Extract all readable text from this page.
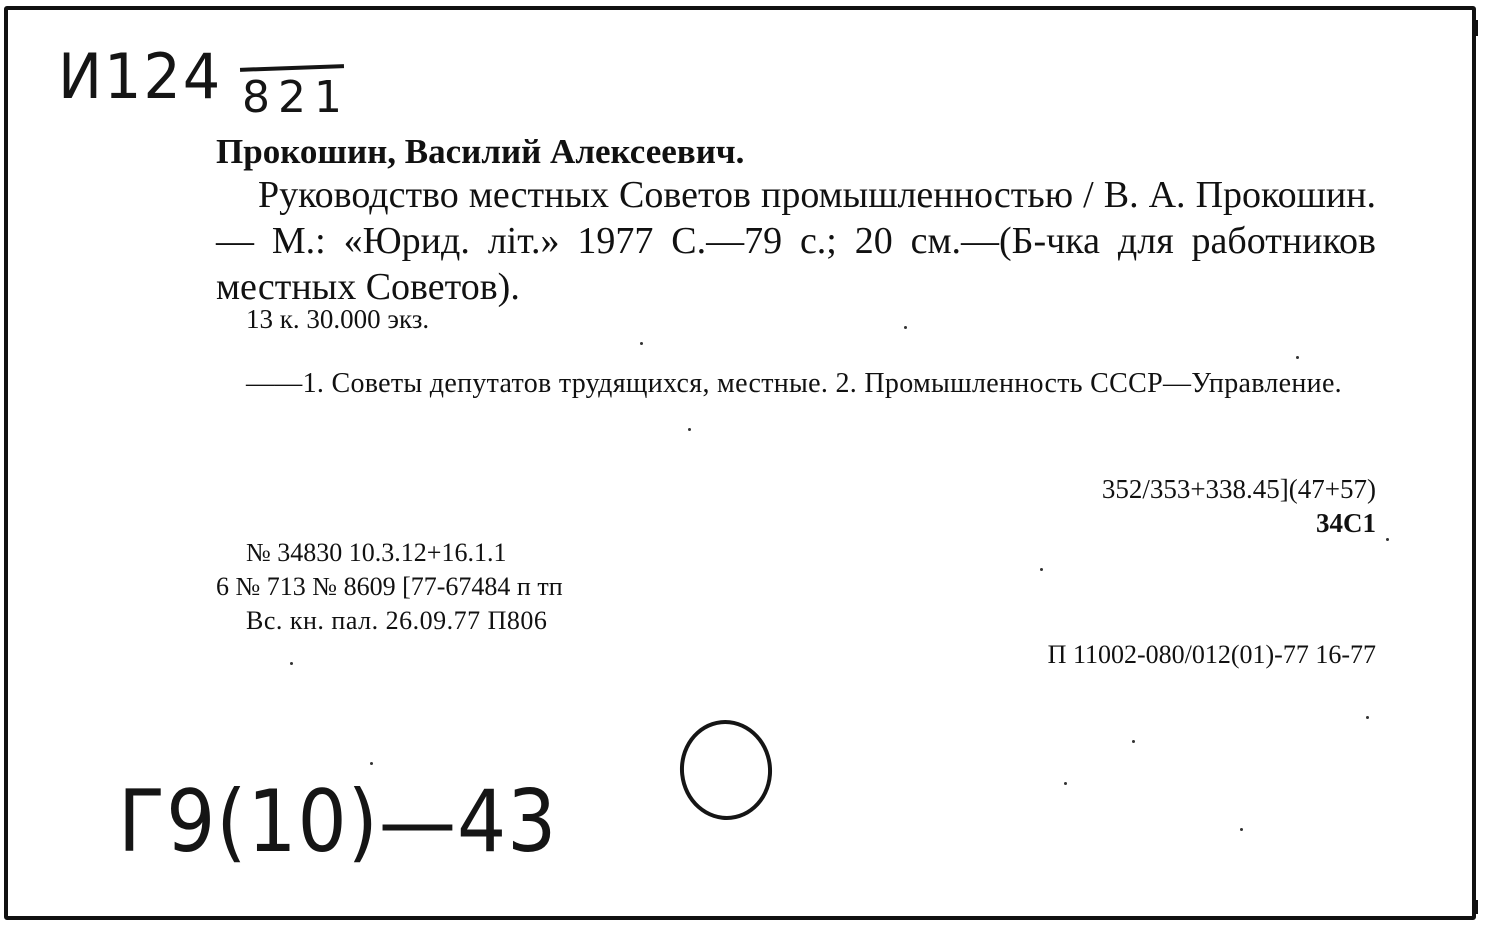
И124 821
Прокошин, Василий Алексеевич.
Руководство местных Советов промышленностью / В. А. Прокошин.— М.: «Юрид. літ.» 1977 С.—79 с.; 20 см.—(Б-чка для работников местных Советов).
13 к. 30.000 экз.
——1. Советы депутатов трудящихся, местные. 2. Промышленность СССР—Управление.
352/353+338.45](47+57)
34С1
№ 34830 10.3.12+16.1.1
6 № 713 № 8609 [77-67484 п тп
Вс. кн. пал. 26.09.77 П806
П 11002-080/012(01)-77 16-77
Г9(10)—43
